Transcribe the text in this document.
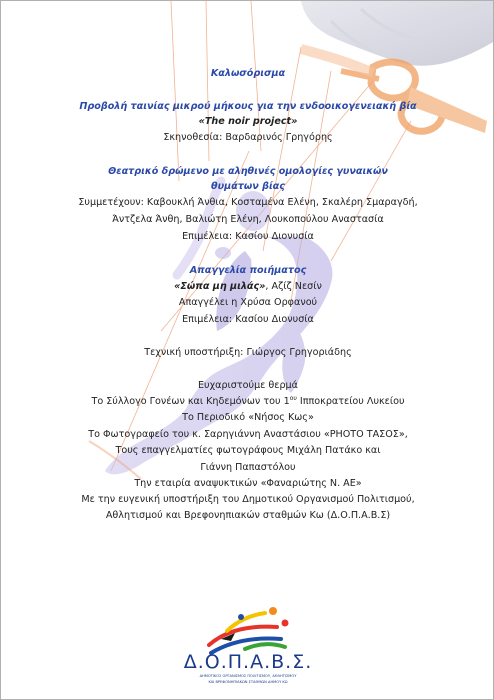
Καλωσόρισμα
Προβολή ταινίας μικρού μήκους για την ενδοοικογενειακή βία
«The noir project»
Σκηνοθεσία: Βαρδαρινός Γρηγόρης
Θεατρικό δρώμενο με αληθινές ομολογίες γυναικών
θυμάτων βίας
Συμμετέχουν: Καβουκλή Άνθια, Κοσταμένα Ελένη, Σκαλέρη Σμαραγδή,
Άντζελα Άνθη, Βαλιώτη Ελένη, Λουκοπούλου Αναστασία
Επιμέλεια: Κασίου Διονυσία
Απαγγελία ποιήματος
«Σώπα μη μιλάς», Αζίζ Νεσίν
Απαγγέλει η Χρύσα Ορφανού
Επιμέλεια: Κασίου Διονυσία
Τεχνική υποστήριξη: Γιώργος Γρηγοριάδης
Ευχαριστούμε θερμά
Το Σύλλογο Γονέων και Κηδεμόνων του $1^{o\upsilon}$ Ιπποκρατείου Λυκείου
Το Περιοδικό «Νήσος Κως»
Το Φωτογραφείο του κ. Σαρηγιάννη Αναστάσιου «PHOTO ΤΑΣΟΣ»,
Τους επαγγελματίες φωτογράφους Μιχάλη Πατάκο και
Γιάννη Παπαστόλου
Την εταιρία αναψυκτικών «Φαναριώτης Ν. ΑΕ»
Με την ευγενική υποστήριξη του Δημοτικού Οργανισμού Πολιτισμού,
Αθλητισμού και Βρεφονηπιακών σταθμών Κω (Δ.Ο.Π.Α.Β.Σ)
Δ.Ο.Π.Α.Β.Σ.
ΔΗΜΟΤΙΚΟΣ ΟΡΓΑΝΙΣΜΟΣ ΠΟΛΙΤΙΣΜΟΥ, ΑΘΛΗΤΙΣΜΟΥ
ΚΑΙ ΒΡΕΦΟΝΗΠΙΑΚΩΝ ΣΤΑΘΜΩΝ ΔΗΜΟΥ ΚΩ
